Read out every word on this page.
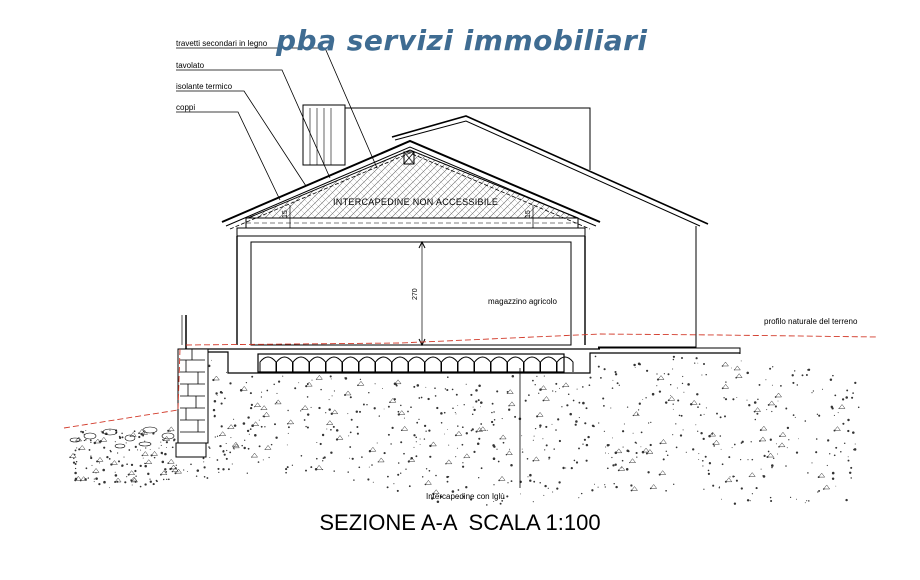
travetti secondari in legno
tavolato
isolante termico
coppi
INTERCAPEDINE NON ACCESSIBILE
magazzino agricolo
profilo naturale del terreno
Intercapedine con Iglù
270
15	15
pba servizi immobiliari
SEZIONE A-A  SCALA 1:100
